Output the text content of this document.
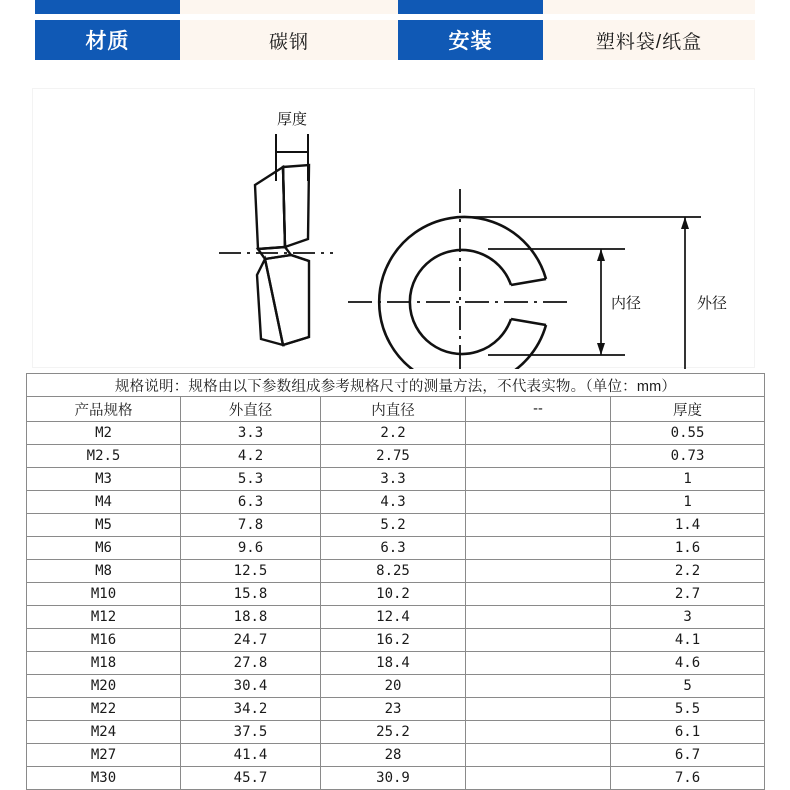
材质	碳钢	安装	塑料袋/纸盒
厚度
内径	外径
规格说明：规格由以下参数组成参考规格尺寸的测量方法，不代表实物。（单位：mm）				
产品规格	外直径	内直径	--	厚度
M2	3.3	2.2		0.55
M2.5	4.2	2.75		0.73
M3	5.3	3.3		1
M4	6.3	4.3		1
M5	7.8	5.2		1.4
M6	9.6	6.3		1.6
M8	12.5	8.25		2.2
M10	15.8	10.2		2.7
M12	18.8	12.4		3
M16	24.7	16.2		4.1
M18	27.8	18.4		4.6
M20	30.4	20		5
M22	34.2	23		5.5
M24	37.5	25.2		6.1
M27	41.4	28		6.7
M30	45.7	30.9		7.6
